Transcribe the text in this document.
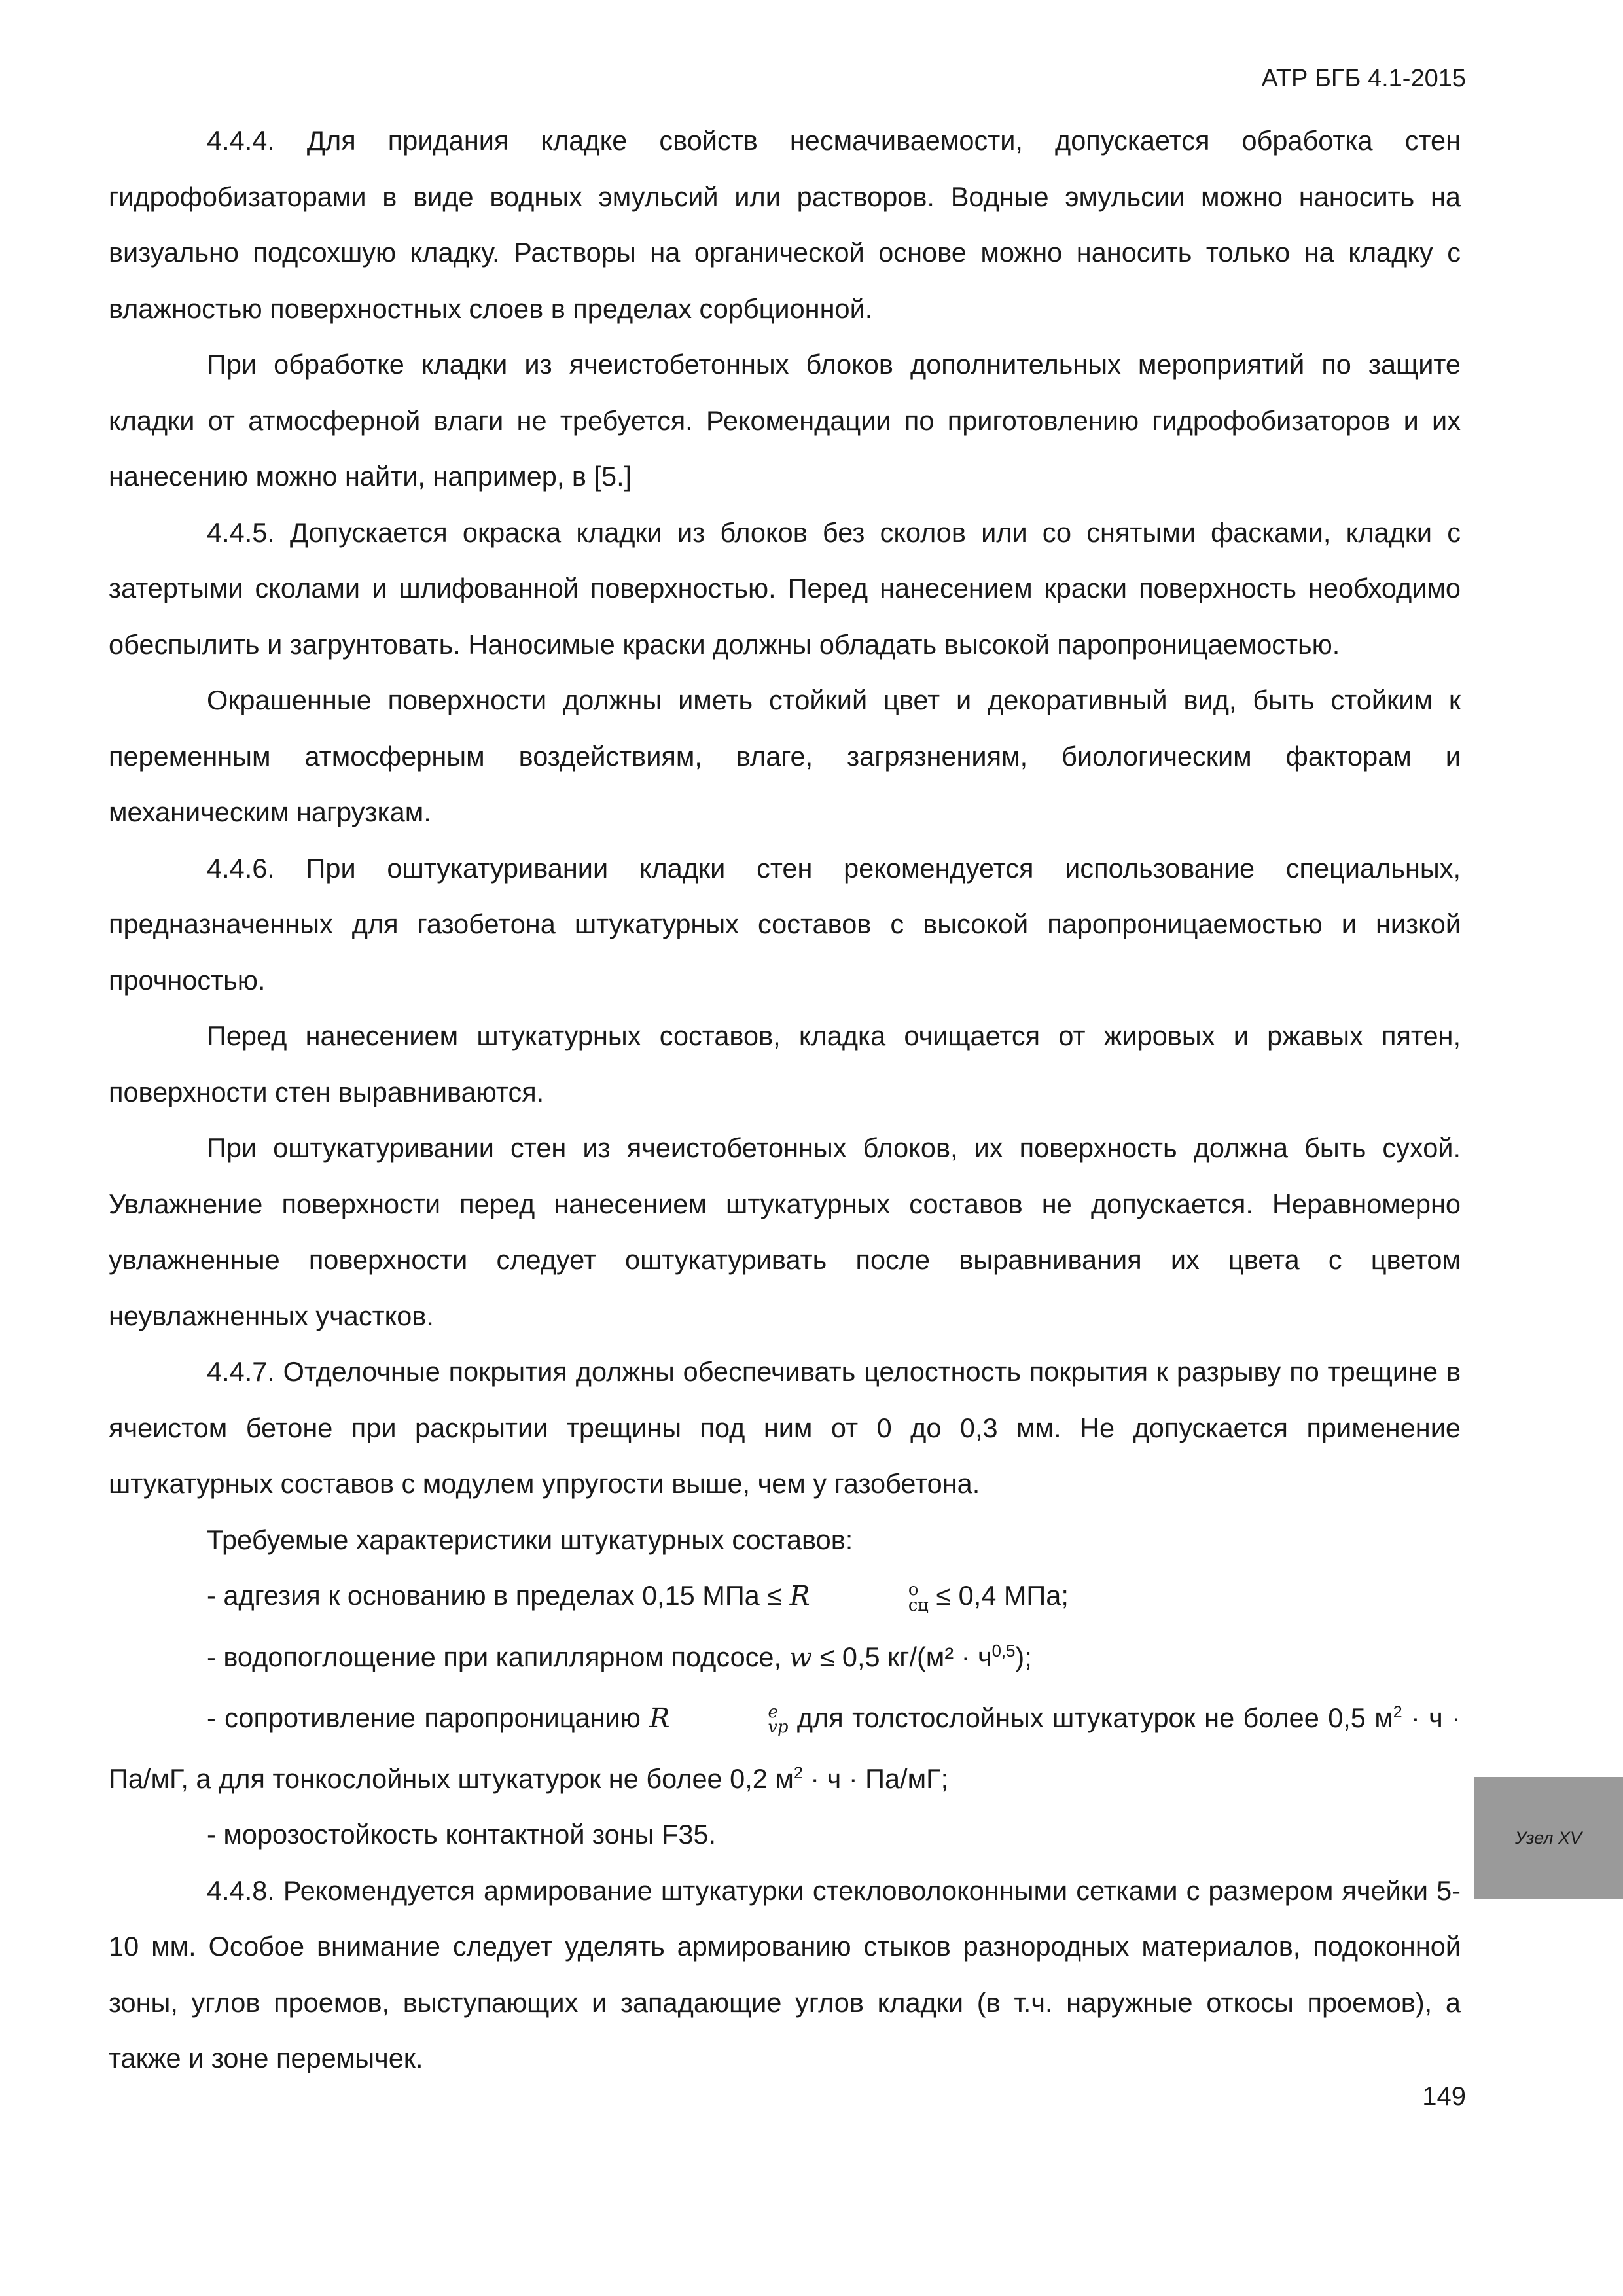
АТР БГБ 4.1-2015

4.4.4. Для придания кладке свойств несмачиваемости, допускается обработка стен гидрофобизаторами в виде водных эмульсий или растворов. Водные эмульсии можно наносить на визуально подсохшую кладку. Растворы на органической основе можно наносить только на кладку с влажностью поверхностных слоев в пределах сорбционной.

При обработке кладки из ячеистобетонных блоков дополнительных мероприятий по защите кладки от атмосферной влаги не требуется. Рекомендации по приготовлению гидрофобизаторов и их нанесению можно найти, например, в [5.]

4.4.5. Допускается окраска кладки из блоков без сколов или со снятыми фасками, кладки с затертыми сколами и шлифованной поверхностью. Перед нанесением краски поверхность необходимо обеспылить и загрунтовать. Наносимые краски должны обладать высокой паропроницаемостью.

Окрашенные поверхности должны иметь стойкий цвет и декоративный вид, быть стойким к переменным атмосферным воздействиям, влаге, загрязнениям, биологическим факторам и механическим нагрузкам.

4.4.6. При оштукатуривании кладки стен рекомендуется использование специальных, предназначенных для газобетона штукатурных составов с высокой паропроницаемостью и низкой прочностью.

Перед нанесением штукатурных составов, кладка очищается от жировых и ржавых пятен, поверхности стен выравниваются.

При оштукатуривании стен из ячеистобетонных блоков, их поверхность должна быть сухой. Увлажнение поверхности перед нанесением штукатурных составов не допускается. Неравномерно увлажненные поверхности следует оштукатуривать после выравнивания их цвета с цветом неувлажненных участков.

4.4.7. Отделочные покрытия должны обеспечивать целостность покрытия к разрыву по трещине в ячеистом бетоне при раскрытии трещины под ним от 0 до 0,3 мм. Не допускается применение штукатурных составов с модулем упругости выше, чем у газобетона.

Требуемые характеристики штукатурных составов:

- адгезия к основанию в пределах 0,15 МПа ≤ R	о
сц ≤ 0,4 МПа;

- водопоглощение при капиллярном подсосе, w ≤ 0,5 $кг/(м^2 \cdot ч^{0,5})$;

- сопротивление паропроницанию R	e
vp для толстослойных штукатурок не более 0,5 $м^2 \cdot ч \cdot Па/мГ$, а для тонкослойных штукатурок не более 0,2 $м^2 \cdot ч \cdot Па/мГ$;

- морозостойкость контактной зоны F35.

4.4.8. Рекомендуется армирование штукатурки стекловолоконными сетками с размером ячейки 5-10 мм. Особое внимание следует уделять армированию стыков разнородных материалов, подоконной зоны, углов проемов, выступающих и западающие углов кладки (в т.ч. наружные откосы проемов), а также и зоне перемычек.

Узел XV
149
